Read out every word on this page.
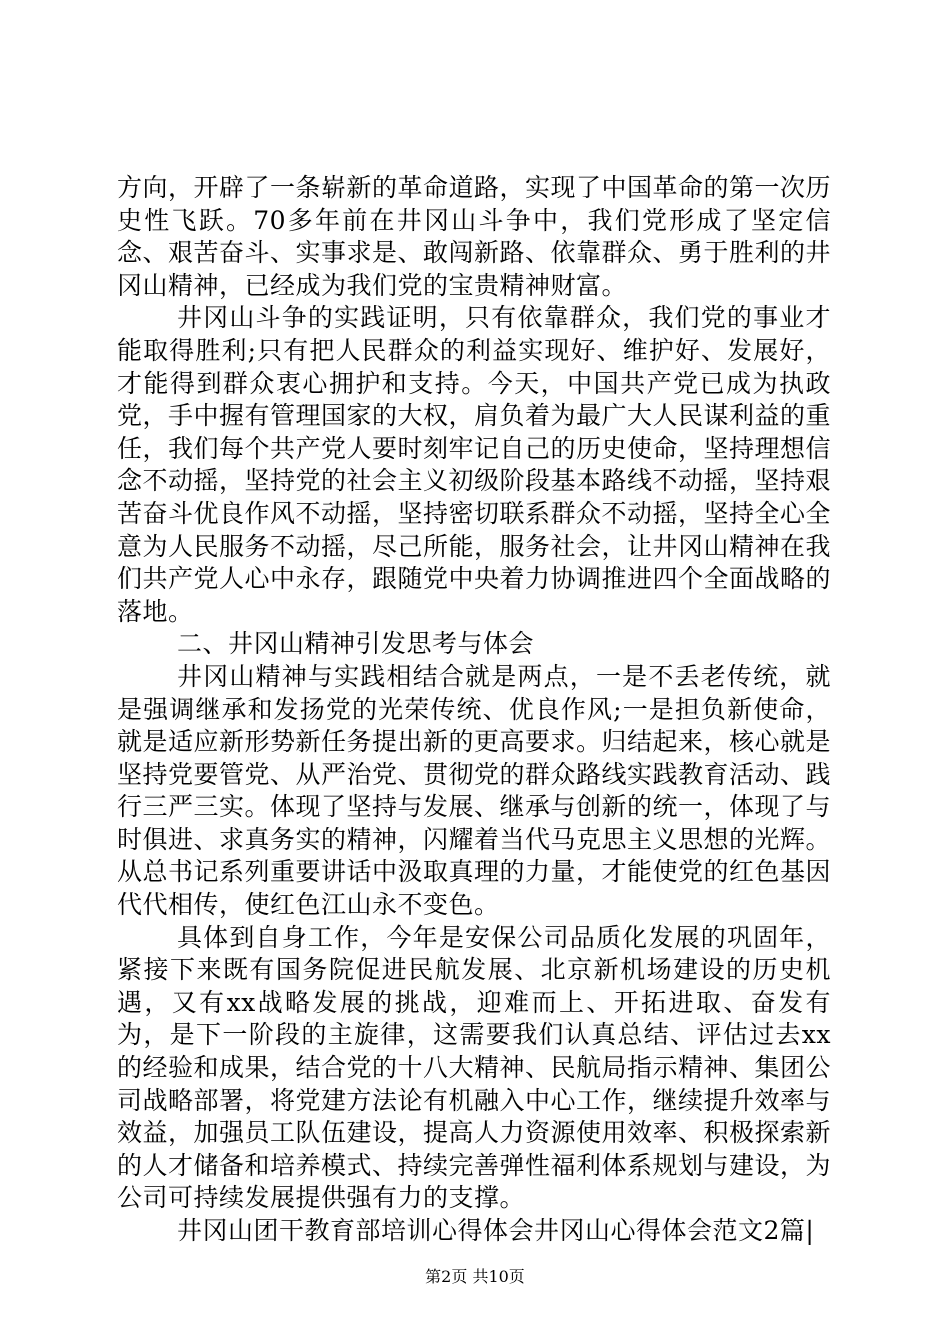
方向，开辟了一条崭新的革命道路，实现了中国革命的第一次历史性飞跃。70多年前在井冈山斗争中，我们党形成了坚定信念、艰苦奋斗、实事求是、敢闯新路、依靠群众、勇于胜利的井冈山精神，已经成为我们党的宝贵精神财富。

井冈山斗争的实践证明，只有依靠群众，我们党的事业才能取得胜利;只有把人民群众的利益实现好、维护好、发展好，才能得到群众衷心拥护和支持。今天，中国共产党已成为执政党，手中握有管理国家的大权，肩负着为最广大人民谋利益的重任，我们每个共产党人要时刻牢记自己的历史使命，坚持理想信念不动摇，坚持党的社会主义初级阶段基本路线不动摇，坚持艰苦奋斗优良作风不动摇，坚持密切联系群众不动摇，坚持全心全意为人民服务不动摇，尽己所能，服务社会，让井冈山精神在我们共产党人心中永存，跟随党中央着力协调推进四个全面战略的落地。

二、井冈山精神引发思考与体会

井冈山精神与实践相结合就是两点，一是不丢老传统，就是强调继承和发扬党的光荣传统、优良作风;一是担负新使命，就是适应新形势新任务提出新的更高要求。归结起来，核心就是坚持党要管党、从严治党、贯彻党的群众路线实践教育活动、践行三严三实。体现了坚持与发展、继承与创新的统一，体现了与时俱进、求真务实的精神，闪耀着当代马克思主义思想的光辉。从总书记系列重要讲话中汲取真理的力量，才能使党的红色基因代代相传，使红色江山永不变色。

具体到自身工作，今年是安保公司品质化发展的巩固年，紧接下来既有国务院促进民航发展、北京新机场建设的历史机遇，又有xx战略发展的挑战，迎难而上、开拓进取、奋发有为，是下一阶段的主旋律，这需要我们认真总结、评估过去xx的经验和成果，结合党的十八大精神、民航局指示精神、集团公司战略部署，将党建方法论有机融入中心工作，继续提升效率与效益，加强员工队伍建设，提高人力资源使用效率、积极探索新的人才储备和培养模式、持续完善弹性福利体系规划与建设，为公司可持续发展提供强有力的支撑。

井冈山团干教育部培训心得体会井冈山心得体会范文2篇|

第2页 共10页
